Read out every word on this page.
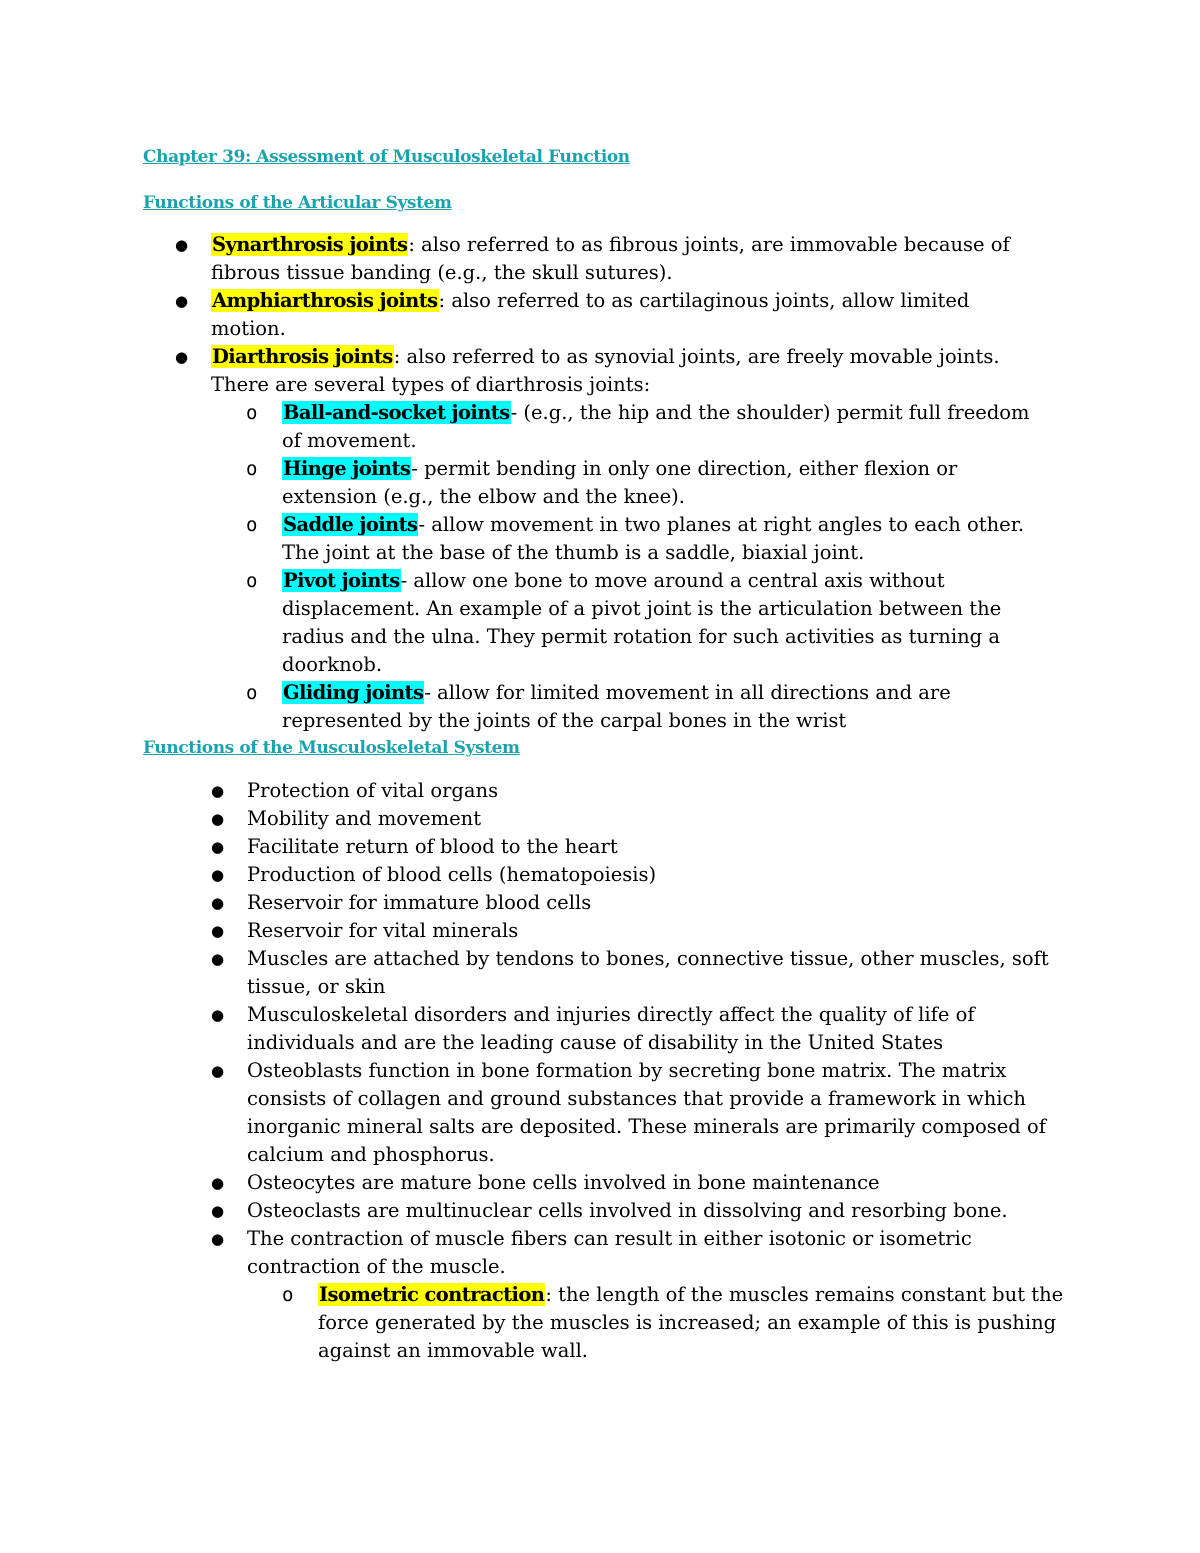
Chapter 39: Assessment of Musculoskeletal Function
Functions of the Articular System
●	Synarthrosis joints: also referred to as fibrous joints, are immovable because of fibrous tissue banding (e.g., the skull sutures).
●	Amphiarthrosis joints: also referred to as cartilaginous joints, allow limited motion.
●	Diarthrosis joints: also referred to as synovial joints, are freely movable joints. There are several types of diarthrosis joints:
o Ball-and-socket joints- (e.g., the hip and the shoulder) permit full freedom of movement.
o Hinge joints- permit bending in only one direction, either flexion or extension (e.g., the elbow and the knee).
o Saddle joints- allow movement in two planes at right angles to each other. The joint at the base of the thumb is a saddle, biaxial joint.
o Pivot joints- allow one bone to move around a central axis without displacement. An example of a pivot joint is the articulation between the radius and the ulna. They permit rotation for such activities as turning a doorknob.
o Gliding joints- allow for limited movement in all directions and are represented by the joints of the carpal bones in the wrist
Functions of the Musculoskeletal System
●	Protection of vital organs
●	Mobility and movement
●	Facilitate return of blood to the heart
●	Production of blood cells (hematopoiesis)
●	Reservoir for immature blood cells
●	Reservoir for vital minerals
●	Muscles are attached by tendons to bones, connective tissue, other muscles, soft tissue, or skin
●	Musculoskeletal disorders and injuries directly affect the quality of life of individuals and are the leading cause of disability in the United States
●	Osteoblasts function in bone formation by secreting bone matrix. The matrix consists of collagen and ground substances that provide a framework in which inorganic mineral salts are deposited. These minerals are primarily composed of calcium and phosphorus.
●	Osteocytes are mature bone cells involved in bone maintenance
●	Osteoclasts are multinuclear cells involved in dissolving and resorbing bone.
●	The contraction of muscle fibers can result in either isotonic or isometric contraction of the muscle.
o Isometric contraction: the length of the muscles remains constant but the force generated by the muscles is increased; an example of this is pushing against an immovable wall.
